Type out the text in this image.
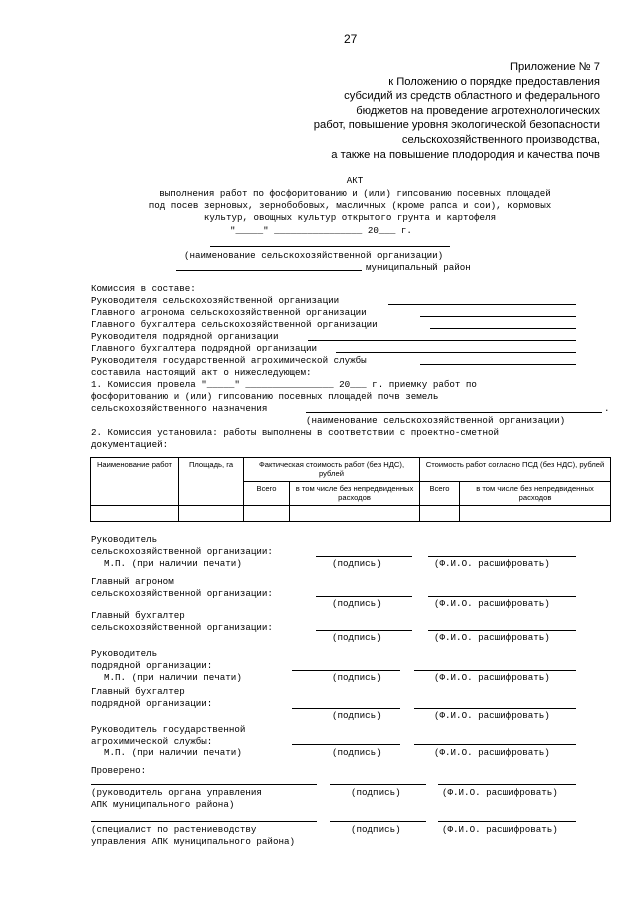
27
Приложение № 7
к Положению о порядке предоставления
субсидий из средств областного и федерального
бюджетов на проведение агротехнологических
работ, повышение уровня экологической безопасности
сельскохозяйственного производства,
а также на повышение плодородия и качества почв
АКТ
выполнения работ по фосфоритованию и (или) гипсованию посевных площадей
под посев зерновых, зернобобовых, масличных (кроме рапса и сои), кормовых
культур, овощных культур открытого грунта и картофеля
"_____" ________________ 20___ г.
(наименование сельскохозяйственной организации)
муниципальный район
Комиссия в составе:
Руководителя сельскохозяйственной организации
Главного агронома сельскохозяйственной организации
Главного бухгалтера сельскохозяйственной организации
Руководителя подрядной организации
Главного бухгалтера подрядной организации
Руководителя государственной агрохимической службы
составила настоящий акт о нижеследующем:
1. Комиссия провела "_____" ________________ 20___ г. приемку работ по
фосфоритованию и (или) гипсованию посевных площадей почв земель
сельскохозяйственного назначения	.
(наименование сельскохозяйственной организации)
2. Комиссия установила: работы выполнены в соответствии с проектно-сметной
документацией:
Наименование работ	Площадь, га	Фактическая стоимость работ (без НДС), рублей		Стоимость работ согласно ПСД (без НДС), рублей	
		Всего	в том числе без непредвиденных расходов	Всего	в том числе без непредвиденных расходов

Руководитель
сельскохозяйственной организации:
М.П. (при наличии печати)	(подпись)	(Ф.И.О. расшифровать)
Главный агроном
сельскохозяйственной организации:
(подпись)	(Ф.И.О. расшифровать)
Главный бухгалтер
сельскохозяйственной организации:
(подпись)	(Ф.И.О. расшифровать)
Руководитель
подрядной организации:
М.П. (при наличии печати)	(подпись)	(Ф.И.О. расшифровать)
Главный бухгалтер
подрядной организации:
(подпись)	(Ф.И.О. расшифровать)
Руководитель государственной
агрохимической службы:
М.П. (при наличии печати)	(подпись)	(Ф.И.О. расшифровать)
Проверено:
(руководитель органа управления	(подпись)	(Ф.И.О. расшифровать)
АПК муниципального района)
(специалист по растениеводству	(подпись)	(Ф.И.О. расшифровать)
управления АПК муниципального района)
